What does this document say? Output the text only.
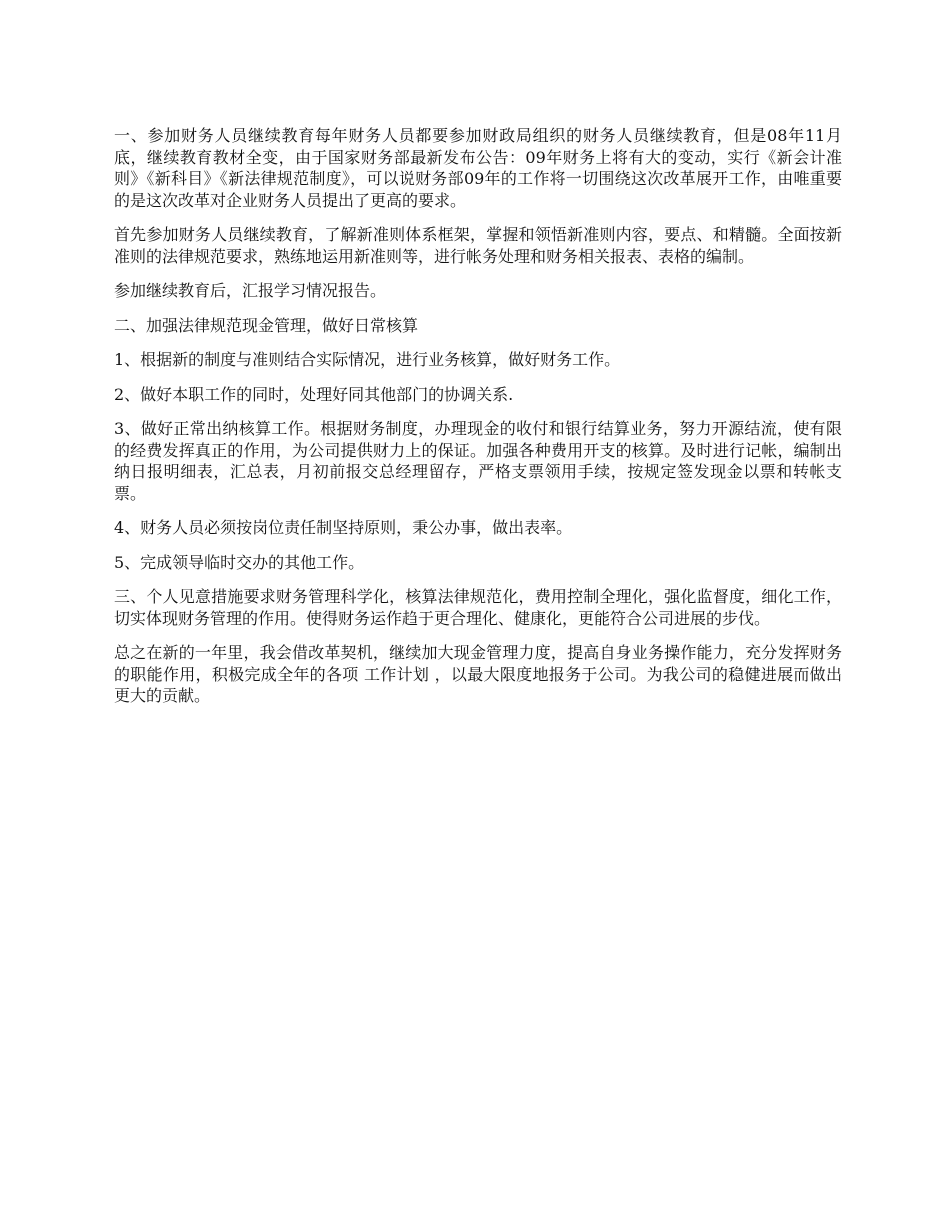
一、参加财务人员继续教育每年财务人员都要参加财政局组织的财务人员继续教育，但是08年11月底，继续教育教材全变，由于国家财务部最新发布公告：09年财务上将有大的变动，实行《新会计准则》《新科目》《新法律规范制度》，可以说财务部09年的工作将一切围绕这次改革展开工作，由唯重要的是这次改革对企业财务人员提出了更高的要求。

首先参加财务人员继续教育，了解新准则体系框架，掌握和领悟新准则内容，要点、和精髓。全面按新准则的法律规范要求，熟练地运用新准则等，进行帐务处理和财务相关报表、表格的编制。

参加继续教育后，汇报学习情况报告。

二、加强法律规范现金管理，做好日常核算

1、根据新的制度与准则结合实际情况，进行业务核算，做好财务工作。

2、做好本职工作的同时，处理好同其他部门的协调关系.

3、做好正常出纳核算工作。根据财务制度，办理现金的收付和银行结算业务，努力开源结流，使有限的经费发挥真正的作用，为公司提供财力上的保证。加强各种费用开支的核算。及时进行记帐，编制出纳日报明细表，汇总表，月初前报交总经理留存，严格支票领用手续，按规定签发现金以票和转帐支票。

4、财务人员必须按岗位责任制坚持原则，秉公办事，做出表率。

5、完成领导临时交办的其他工作。

三、个人见意措施要求财务管理科学化，核算法律规范化，费用控制全理化，强化监督度，细化工作，切实体现财务管理的作用。使得财务运作趋于更合理化、健康化，更能符合公司进展的步伐。

总之在新的一年里，我会借改革契机，继续加大现金管理力度，提高自身业务操作能力，充分发挥财务的职能作用，积极完成全年的各项 工作计划 ，以最大限度地报务于公司。为我公司的稳健进展而做出更大的贡献。
